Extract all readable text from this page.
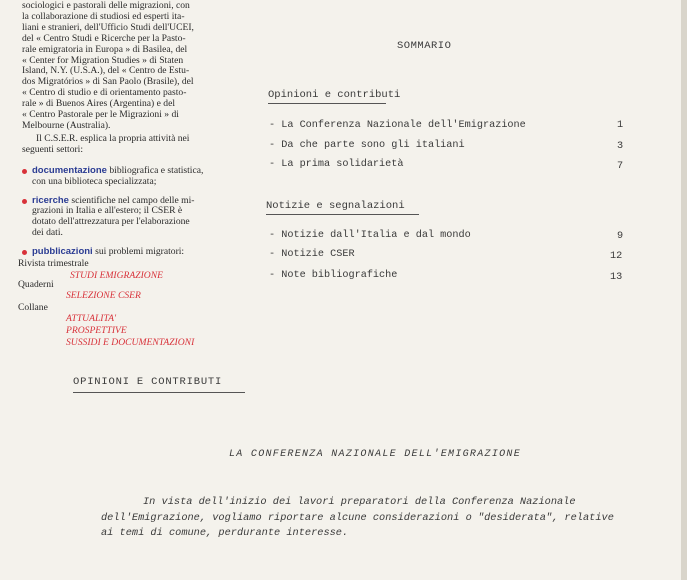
sociologici e pastorali delle migrazioni, con
la collaborazione di studiosi ed esperti ita-
liani e stranieri, dell'Ufficio Studi dell'UCEI,
del « Centro Studi e Ricerche per la Pasto-
rale emigratoria in Europa » di Basilea, del
« Center for Migration Studies » di Staten
Island, N.Y. (U.S.A.), del « Centro de Estu-
dos Migratórios » di San Paolo (Brasile), del
« Centro di studio e di orientamento pasto-
rale » di Buenos Aires (Argentina) e del
« Centro Pastorale per le Migrazioni » di
Melbourne (Australia).
Il C.S.E.R. esplica la propria attività nei
seguenti settori:
documentazione bibliografica e statistica,
con una biblioteca specializzata;
ricerche scientifiche nel campo delle mi-
grazioni in Italia e all'estero; il CSER è
dotato dell'attrezzatura per l'elaborazione
dei dati.
pubblicazioni sui problemi migratori:
Rivista trimestrale
STUDI EMIGRAZIONE
Quaderni
SELEZIONE CSER
Collane
ATTUALITA'
PROSPETTIVE
SUSSIDI E DOCUMENTAZIONI
SOMMARIO
Opinioni e contributi
- La Conferenza Nazionale dell'Emigrazione	1
- Da che parte sono gli italiani	3
- La prima solidarietà	7
Notizie e segnalazioni
- Notizie dall'Italia e dal mondo	9
- Notizie CSER	12
- Note bibliografiche	13
OPINIONI E CONTRIBUTI
LA CONFERENZA NAZIONALE DELL'EMIGRAZIONE
In vista dell'inizio dei lavori preparatori della Conferenza Nazionale
dell'Emigrazione, vogliamo riportare alcune considerazioni o "desiderata", relative
ai temi di comune, perdurante interesse.
